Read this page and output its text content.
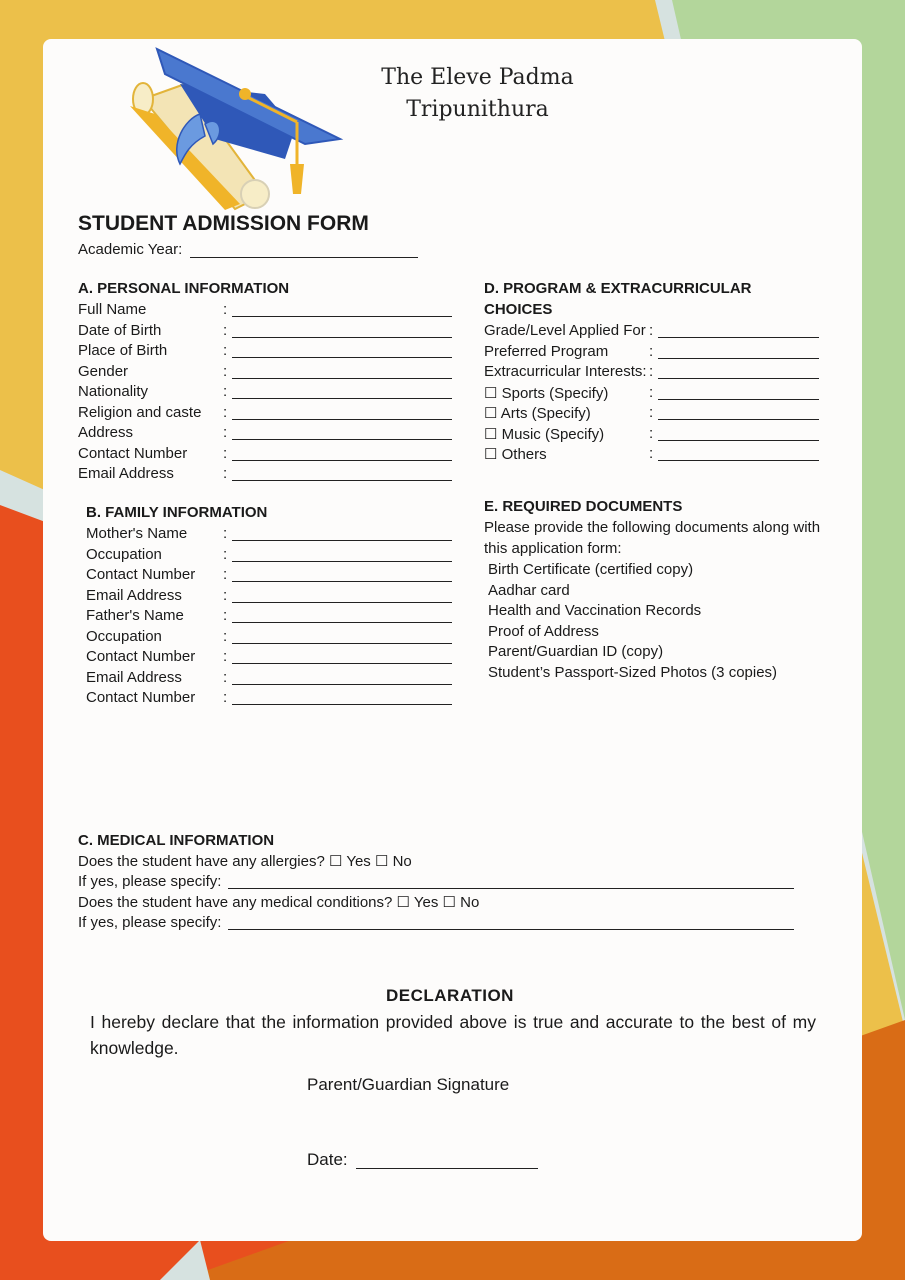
The Eleve Padma
Tripunithura
STUDENT ADMISSION FORM
Academic Year:
A. PERSONAL INFORMATION
Full Name	:
Date of Birth	:
Place of Birth	:
Gender	:
Nationality	:
Religion and caste :
Address	:
Contact Number :
Email Address	:
B. FAMILY INFORMATION
Mother's Name :
Occupation	:
Contact Number :
Email Address	:
Father's Name	:
Occupation	:
Contact Number :
Email Address	:
Contact Number :
D. PROGRAM & EXTRACURRICULAR
CHOICES
Grade/Level Applied For :
Preferred Program	:
Extracurricular Interests: :
☐ Sports (Specify)	:
☐ Arts (Specify)	:
☐ Music (Specify)	:
☐ Others	:
E. REQUIRED DOCUMENTS
Please provide the following documents along with
this application form:
Birth Certificate (certified copy)
Aadhar card
Health and Vaccination Records
Proof of Address
Parent/Guardian ID (copy)
Student’s Passport-Sized Photos (3 copies)
C. MEDICAL INFORMATION
Does the student have any allergies? ☐ Yes ☐ No
If yes, please specify:
Does the student have any medical conditions? ☐ Yes ☐ No
If yes, please specify:
DECLARATION
I hereby declare that the information provided above is true and accurate to the best of my knowledge.
Parent/Guardian Signature
Date:
